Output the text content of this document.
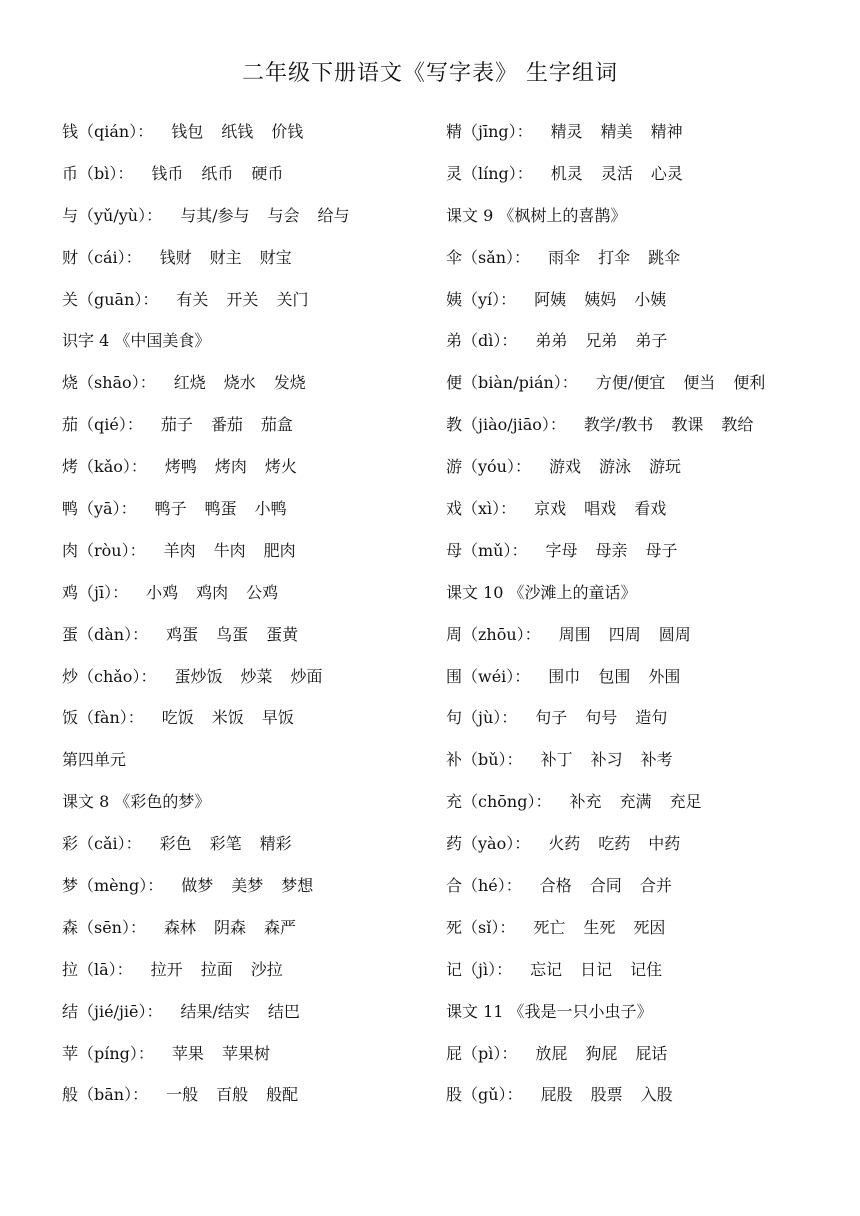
二年级下册语文《写字表》 生字组词
钱（qián）： 钱包 纸钱 价钱
币（bì）： 钱币 纸币 硬币
与（yǔ/yù）： 与其/参与 与会 给与
财（cái）： 钱财 财主 财宝
关（guān）： 有关 开关 关门
识字 4 《中国美食》
烧（shāo）： 红烧 烧水 发烧
茄（qié）： 茄子 番茄 茄盒
烤（kǎo）： 烤鸭 烤肉 烤火
鸭（yā）： 鸭子 鸭蛋 小鸭
肉（ròu）： 羊肉 牛肉 肥肉
鸡（jī）： 小鸡 鸡肉 公鸡
蛋（dàn）： 鸡蛋 鸟蛋 蛋黄
炒（chǎo）： 蛋炒饭 炒菜 炒面
饭（fàn）： 吃饭 米饭 早饭
第四单元
课文 8 《彩色的梦》
彩（cǎi）： 彩色 彩笔 精彩
梦（mèng）： 做梦 美梦 梦想
森（sēn）： 森林 阴森 森严
拉（lā）： 拉开 拉面 沙拉
结（jié/jiē）： 结果/结实 结巴
苹（píng）： 苹果 苹果树
般（bān）： 一般 百般 般配
精（jīng）： 精灵 精美 精神
灵（líng）： 机灵 灵活 心灵
课文 9 《枫树上的喜鹊》
伞（sǎn）： 雨伞 打伞 跳伞
姨（yí）： 阿姨 姨妈 小姨
弟（dì）： 弟弟 兄弟 弟子
便（biàn/pián）： 方便/便宜 便当 便利
教（jiào/jiāo）： 教学/教书 教课 教给
游（yóu）： 游戏 游泳 游玩
戏（xì）： 京戏 唱戏 看戏
母（mǔ）： 字母 母亲 母子
课文 10 《沙滩上的童话》
周（zhōu）： 周围 四周 圆周
围（wéi）： 围巾 包围 外围
句（jù）： 句子 句号 造句
补（bǔ）： 补丁 补习 补考
充（chōng）： 补充 充满 充足
药（yào）： 火药 吃药 中药
合（hé）： 合格 合同 合并
死（sǐ）： 死亡 生死 死因
记（jì）： 忘记 日记 记住
课文 11 《我是一只小虫子》
屁（pì）： 放屁 狗屁 屁话
股（gǔ）： 屁股 股票 入股
